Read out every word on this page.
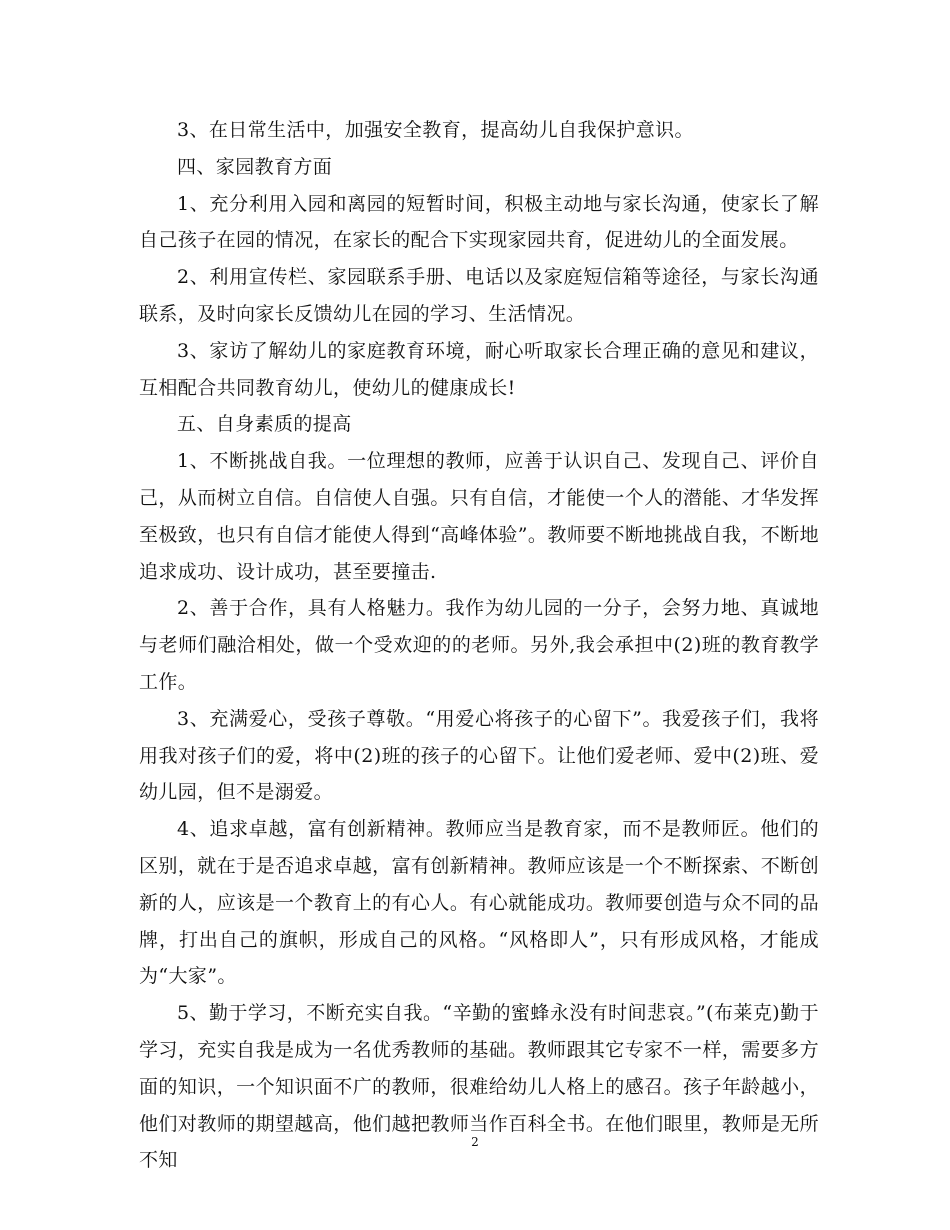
3、在日常生活中，加强安全教育，提高幼儿自我保护意识。

四、家园教育方面

1、充分利用入园和离园的短暂时间，积极主动地与家长沟通，使家长了解自己孩子在园的情况，在家长的配合下实现家园共育，促进幼儿的全面发展。

2、利用宣传栏、家园联系手册、电话以及家庭短信箱等途径，与家长沟通联系，及时向家长反馈幼儿在园的学习、生活情况。

3、家访了解幼儿的家庭教育环境，耐心听取家长合理正确的意见和建议，互相配合共同教育幼儿，使幼儿的健康成长!

五、自身素质的提高

1、不断挑战自我。一位理想的教师，应善于认识自己、发现自己、评价自己，从而树立自信。自信使人自强。只有自信，才能使一个人的潜能、才华发挥至极致，也只有自信才能使人得到“高峰体验”。教师要不断地挑战自我，不断地追求成功、设计成功，甚至要撞击.

2、善于合作，具有人格魅力。我作为幼儿园的一分子，会努力地、真诚地与老师们融洽相处，做一个受欢迎的的老师。另外,我会承担中(2)班的教育教学工作。

3、充满爱心，受孩子尊敬。“用爱心将孩子的心留下”。我爱孩子们，我将用我对孩子们的爱，将中(2)班的孩子的心留下。让他们爱老师、爱中(2)班、爱幼儿园，但不是溺爱。

4、追求卓越，富有创新精神。教师应当是教育家，而不是教师匠。他们的区别，就在于是否追求卓越，富有创新精神。教师应该是一个不断探索、不断创新的人，应该是一个教育上的有心人。有心就能成功。教师要创造与众不同的品牌，打出自己的旗帜，形成自己的风格。“风格即人”，只有形成风格，才能成为“大家”。

5、勤于学习，不断充实自我。“辛勤的蜜蜂永没有时间悲哀。”(布莱克)勤于学习，充实自我是成为一名优秀教师的基础。教师跟其它专家不一样，需要多方面的知识，一个知识面不广的教师，很难给幼儿人格上的感召。孩子年龄越小，他们对教师的期望越高，他们越把教师当作百科全书。在他们眼里，教师是无所不知

2
